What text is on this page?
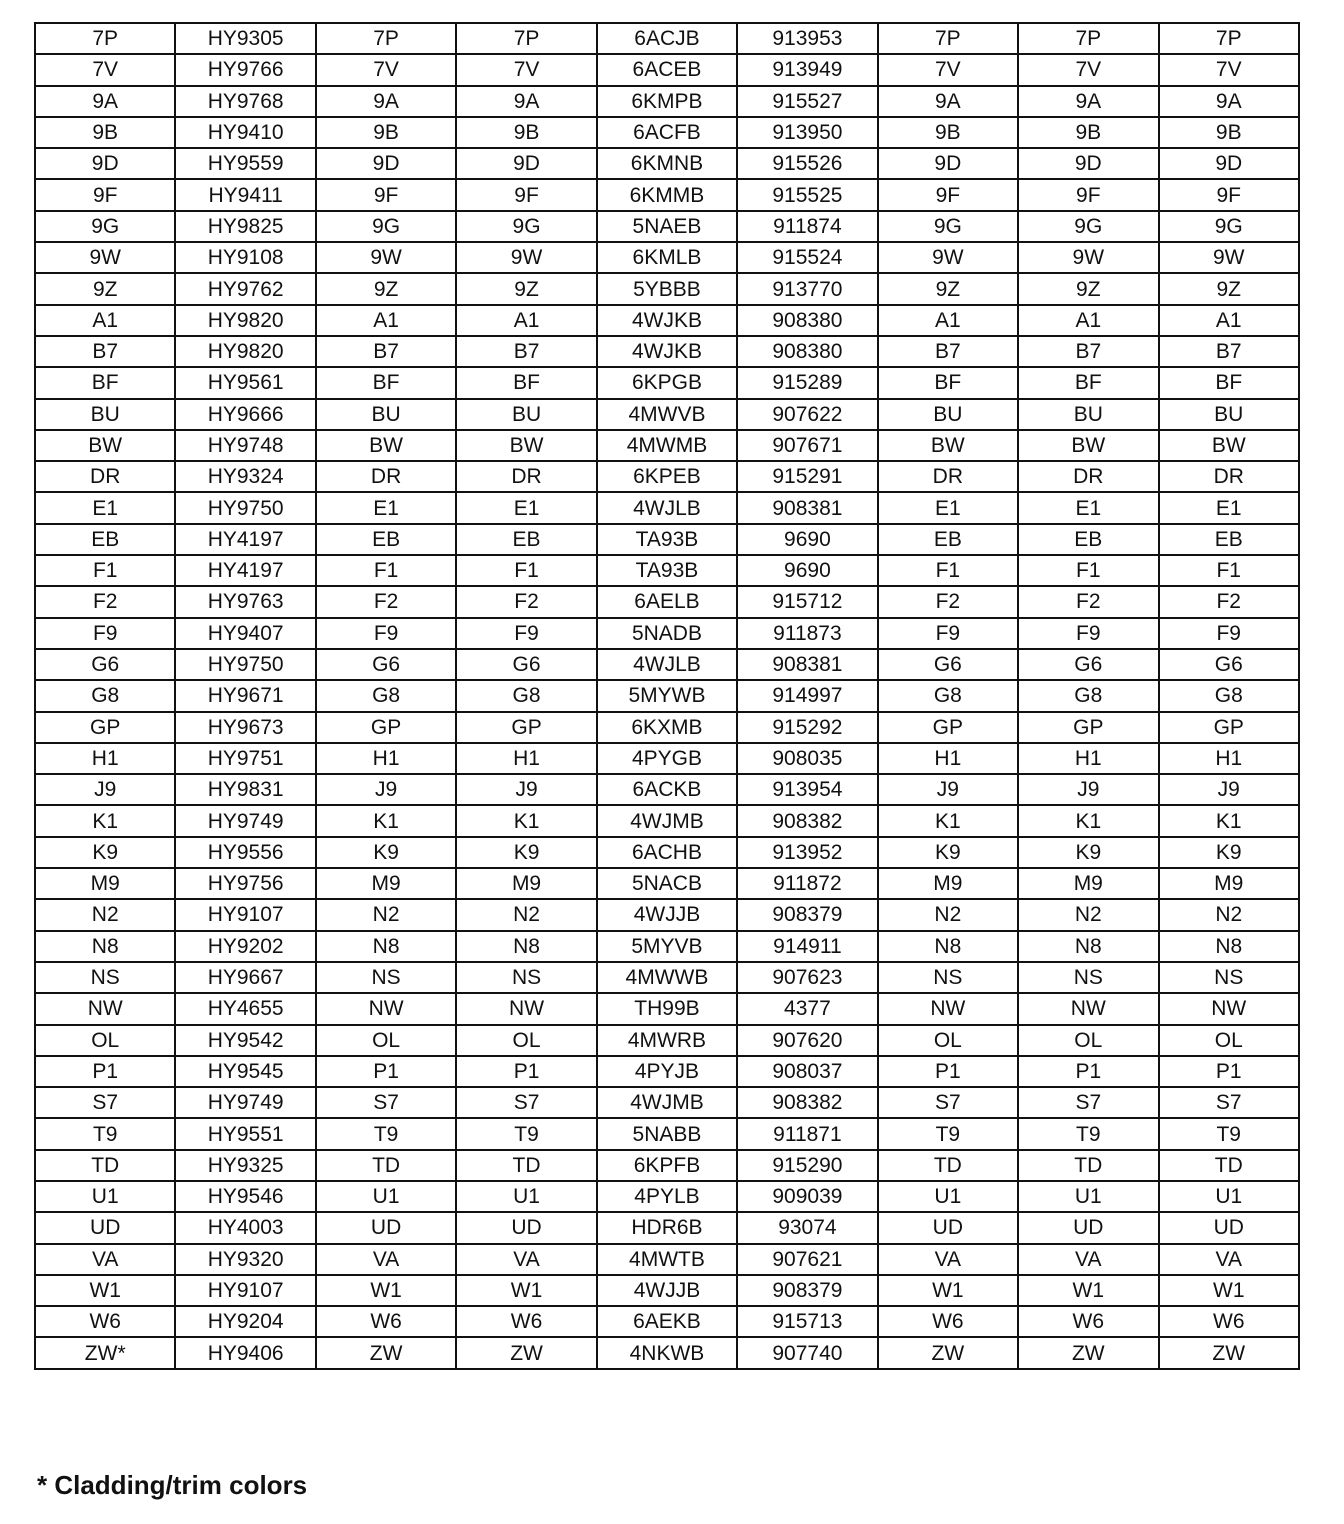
7P	HY9305	7P	7P	6ACJB	913953	7P	7P	7P
7V	HY9766	7V	7V	6ACEB	913949	7V	7V	7V
9A	HY9768	9A	9A	6KMPB	915527	9A	9A	9A
9B	HY9410	9B	9B	6ACFB	913950	9B	9B	9B
9D	HY9559	9D	9D	6KMNB	915526	9D	9D	9D
9F	HY9411	9F	9F	6KMMB	915525	9F	9F	9F
9G	HY9825	9G	9G	5NAEB	911874	9G	9G	9G
9W	HY9108	9W	9W	6KMLB	915524	9W	9W	9W
9Z	HY9762	9Z	9Z	5YBBB	913770	9Z	9Z	9Z
A1	HY9820	A1	A1	4WJKB	908380	A1	A1	A1
B7	HY9820	B7	B7	4WJKB	908380	B7	B7	B7
BF	HY9561	BF	BF	6KPGB	915289	BF	BF	BF
BU	HY9666	BU	BU	4MWVB	907622	BU	BU	BU
BW	HY9748	BW	BW	4MWMB	907671	BW	BW	BW
DR	HY9324	DR	DR	6KPEB	915291	DR	DR	DR
E1	HY9750	E1	E1	4WJLB	908381	E1	E1	E1
EB	HY4197	EB	EB	TA93B	9690	EB	EB	EB
F1	HY4197	F1	F1	TA93B	9690	F1	F1	F1
F2	HY9763	F2	F2	6AELB	915712	F2	F2	F2
F9	HY9407	F9	F9	5NADB	911873	F9	F9	F9
G6	HY9750	G6	G6	4WJLB	908381	G6	G6	G6
G8	HY9671	G8	G8	5MYWB	914997	G8	G8	G8
GP	HY9673	GP	GP	6KXMB	915292	GP	GP	GP
H1	HY9751	H1	H1	4PYGB	908035	H1	H1	H1
J9	HY9831	J9	J9	6ACKB	913954	J9	J9	J9
K1	HY9749	K1	K1	4WJMB	908382	K1	K1	K1
K9	HY9556	K9	K9	6ACHB	913952	K9	K9	K9
M9	HY9756	M9	M9	5NACB	911872	M9	M9	M9
N2	HY9107	N2	N2	4WJJB	908379	N2	N2	N2
N8	HY9202	N8	N8	5MYVB	914911	N8	N8	N8
NS	HY9667	NS	NS	4MWWB	907623	NS	NS	NS
NW	HY4655	NW	NW	TH99B	4377	NW	NW	NW
OL	HY9542	OL	OL	4MWRB	907620	OL	OL	OL
P1	HY9545	P1	P1	4PYJB	908037	P1	P1	P1
S7	HY9749	S7	S7	4WJMB	908382	S7	S7	S7
T9	HY9551	T9	T9	5NABB	911871	T9	T9	T9
TD	HY9325	TD	TD	6KPFB	915290	TD	TD	TD
U1	HY9546	U1	U1	4PYLB	909039	U1	U1	U1
UD	HY4003	UD	UD	HDR6B	93074	UD	UD	UD
VA	HY9320	VA	VA	4MWTB	907621	VA	VA	VA
W1	HY9107	W1	W1	4WJJB	908379	W1	W1	W1
W6	HY9204	W6	W6	6AEKB	915713	W6	W6	W6
ZW*	HY9406	ZW	ZW	4NKWB	907740	ZW	ZW	ZW
* Cladding/trim colors
